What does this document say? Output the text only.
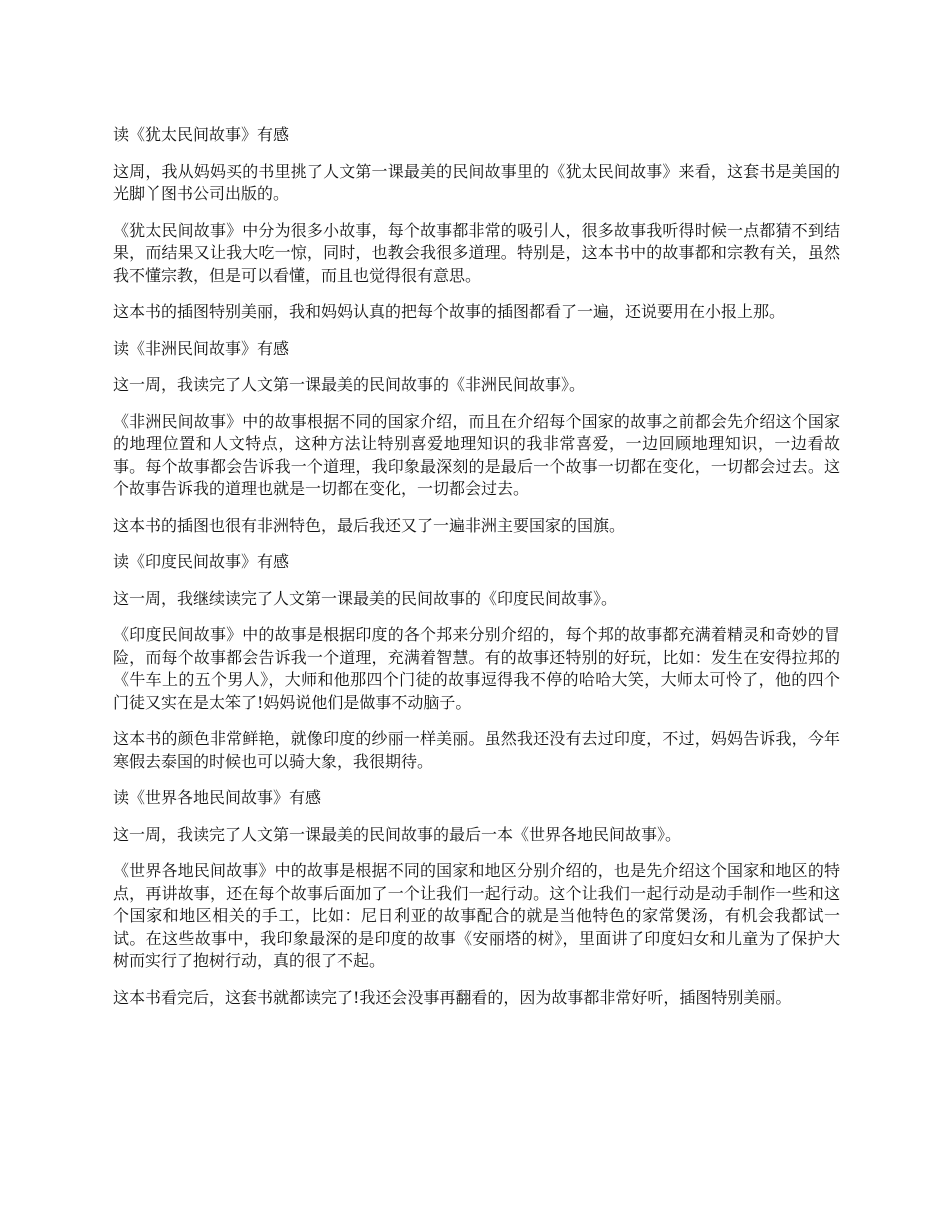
读《犹太民间故事》有感

这周，我从妈妈买的书里挑了人文第一课最美的民间故事里的《犹太民间故事》来看，这套书是美国的光脚丫图书公司出版的。

《犹太民间故事》中分为很多小故事，每个故事都非常的吸引人，很多故事我听得时候一点都猜不到结果，而结果又让我大吃一惊，同时，也教会我很多道理。特别是，这本书中的故事都和宗教有关，虽然我不懂宗教，但是可以看懂，而且也觉得很有意思。

这本书的插图特别美丽，我和妈妈认真的把每个故事的插图都看了一遍，还说要用在小报上那。

读《非洲民间故事》有感

这一周，我读完了人文第一课最美的民间故事的《非洲民间故事》。

《非洲民间故事》中的故事根据不同的国家介绍，而且在介绍每个国家的故事之前都会先介绍这个国家的地理位置和人文特点，这种方法让特别喜爱地理知识的我非常喜爱，一边回顾地理知识，一边看故事。每个故事都会告诉我一个道理，我印象最深刻的是最后一个故事一切都在变化，一切都会过去。这个故事告诉我的道理也就是一切都在变化，一切都会过去。

这本书的插图也很有非洲特色，最后我还又了一遍非洲主要国家的国旗。

读《印度民间故事》有感

这一周，我继续读完了人文第一课最美的民间故事的《印度民间故事》。

《印度民间故事》中的故事是根据印度的各个邦来分别介绍的，每个邦的故事都充满着精灵和奇妙的冒险，而每个故事都会告诉我一个道理，充满着智慧。有的故事还特别的好玩，比如：发生在安得拉邦的《牛车上的五个男人》，大师和他那四个门徒的故事逗得我不停的哈哈大笑，大师太可怜了，他的四个门徒又实在是太笨了!妈妈说他们是做事不动脑子。

这本书的颜色非常鲜艳，就像印度的纱丽一样美丽。虽然我还没有去过印度，不过，妈妈告诉我，今年寒假去泰国的时候也可以骑大象，我很期待。

读《世界各地民间故事》有感

这一周，我读完了人文第一课最美的民间故事的最后一本《世界各地民间故事》。

《世界各地民间故事》中的故事是根据不同的国家和地区分别介绍的，也是先介绍这个国家和地区的特点，再讲故事，还在每个故事后面加了一个让我们一起行动。这个让我们一起行动是动手制作一些和这个国家和地区相关的手工，比如：尼日利亚的故事配合的就是当他特色的家常煲汤，有机会我都试一试。在这些故事中，我印象最深的是印度的故事《安丽塔的树》，里面讲了印度妇女和儿童为了保护大树而实行了抱树行动，真的很了不起。

这本书看完后，这套书就都读完了!我还会没事再翻看的，因为故事都非常好听，插图特别美丽。
